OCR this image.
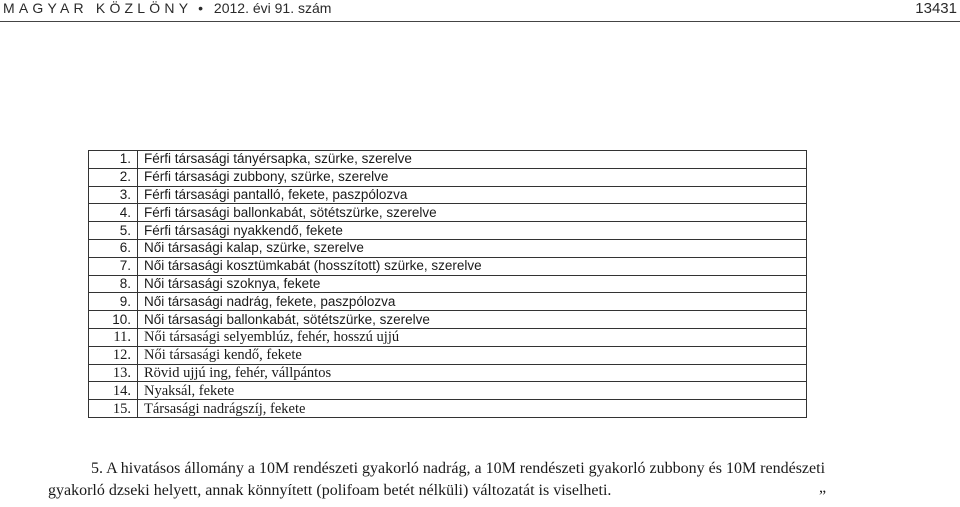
MAGYAR KÖZLÖNY • 2012. évi 91. szám	13431
1.	Férfi társasági tányérsapka, szürke, szerelve
2.	Férfi társasági zubbony, szürke, szerelve
3.	Férfi társasági pantalló, fekete, paszpólozva
4.	Férfi társasági ballonkabát, sötétszürke, szerelve
5.	Férfi társasági nyakkendő, fekete
6.	Női társasági kalap, szürke, szerelve
7.	Női társasági kosztümkabát (hosszított) szürke, szerelve
8.	Női társasági szoknya, fekete
9.	Női társasági nadrág, fekete, paszpólozva
10.	Női társasági ballonkabát, sötétszürke, szerelve
11.	Női társasági selyemblúz, fehér, hosszú ujjú
12.	Női társasági kendő, fekete
13.	Rövid ujjú ing, fehér, vállpántos
14.	Nyaksál, fekete
15.	Társasági nadrágszíj, fekete
5. A hivatásos állomány a 10M rendészeti gyakorló nadrág, a 10M rendészeti gyakorló zubbony és 10M rendészeti
gyakorló dzseki helyett, annak könnyített (polifoam betét nélküli) változatát is viselheti.	”
